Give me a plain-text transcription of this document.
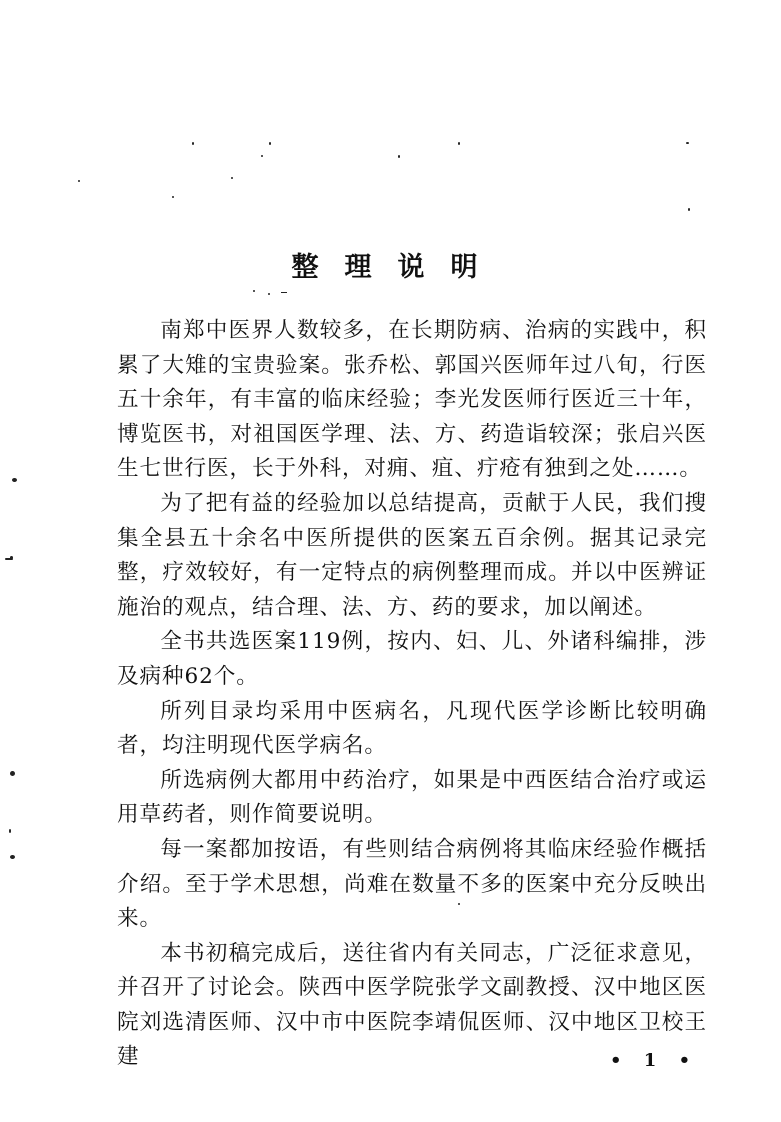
整理说明

南郑中医界人数较多，在长期防病、治病的实践中，积累了大雉的宝贵验案。张乔松、郭国兴医师年过八旬，行医五十余年，有丰富的临床经验；李光发医师行医近三十年，博览医书，对祖国医学理、法、方、药造诣较深；张启兴医生七世行医，长于外科，对痈、疽、疔疮有独到之处……。

为了把有益的经验加以总结提高，贡献于人民，我们搜集全县五十余名中医所提供的医案五百余例。据其记录完整，疗效较好，有一定特点的病例整理而成。并以中医辨证施治的观点，结合理、法、方、药的要求，加以阐述。

全书共选医案119例，按内、妇、儿、外诸科编排，涉及病种62个。

所列目录均采用中医病名，凡现代医学诊断比较明确者，均注明现代医学病名。

所选病例大都用中药治疗，如果是中西医结合治疗或运用草药者，则作简要说明。

每一案都加按语，有些则结合病例将其临床经验作概括介绍。至于学术思想，尚难在数量不多的医案中充分反映出来。

本书初稿完成后，送往省内有关同志，广泛征求意见，并召开了讨论会。陕西中医学院张学文副教授、汉中地区医院刘选清医师、汉中市中医院李靖侃医师、汉中地区卫校王建	• 1 •
